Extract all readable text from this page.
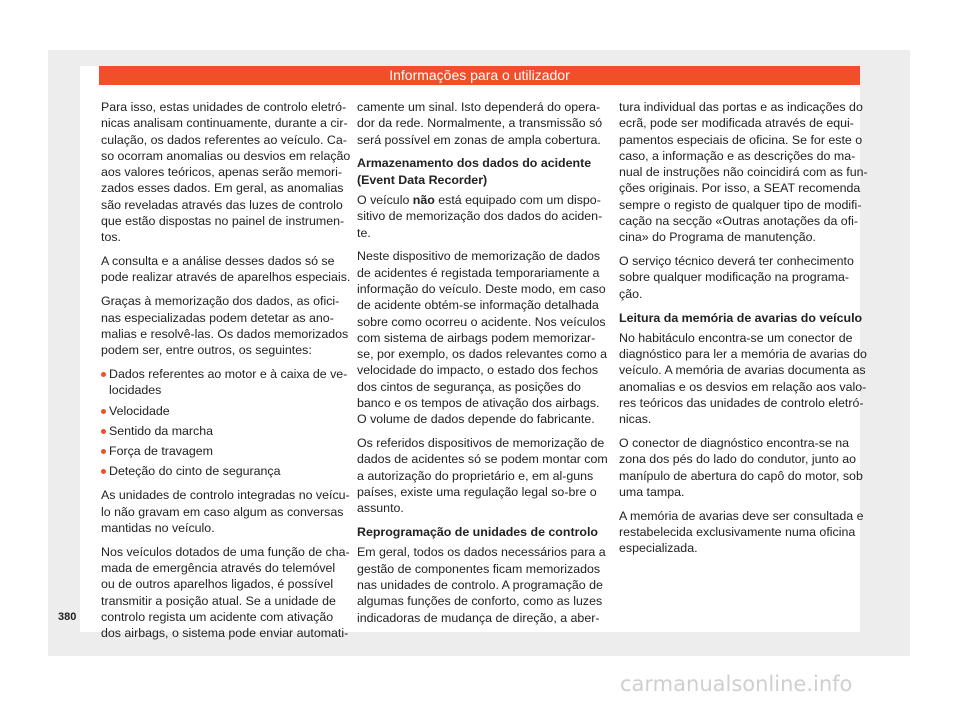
Informações para o utilizador

Para isso, estas unidades de controlo eletró-nicas analisam continuamente, durante a cir-culação, os dados referentes ao veículo. Ca-so ocorram anomalias ou desvios em relação aos valores teóricos, apenas serão memori-zados esses dados. Em geral, as anomalias são reveladas através das luzes de controlo que estão dispostas no painel de instrumen-tos.

A consulta e a análise desses dados só se pode realizar através de aparelhos especiais.

Graças à memorização dos dados, as ofici-nas especializadas podem detetar as ano-malias e resolvê-las. Os dados memorizados podem ser, entre outros, os seguintes:

Dados referentes ao motor e à caixa de ve-locidades
Velocidade
Sentido da marcha
Força de travagem
Deteção do cinto de segurança

As unidades de controlo integradas no veícu-lo não gravam em caso algum as conversas mantidas no veículo.

Nos veículos dotados de uma função de cha-mada de emergência através do telemóvel ou de outros aparelhos ligados, é possível transmitir a posição atual. Se a unidade de controlo regista um acidente com ativação dos airbags, o sistema pode enviar automati-

camente um sinal. Isto dependerá do opera-dor da rede. Normalmente, a transmissão só será possível em zonas de ampla cobertura.

Armazenamento dos dados do acidente (Event Data Recorder)

O veículo não está equipado com um dispo-sitivo de memorização dos dados do aciden-te.

Neste dispositivo de memorização de dados de acidentes é registada temporariamente a informação do veículo. Deste modo, em caso de acidente obtém-se informação detalhada sobre como ocorreu o acidente. Nos veículos com sistema de airbags podem memorizar-se, por exemplo, os dados relevantes como a velocidade do impacto, o estado dos fechos dos cintos de segurança, as posições do banco e os tempos de ativação dos airbags. O volume de dados depende do fabricante.

Os referidos dispositivos de memorização de dados de acidentes só se podem montar com a autorização do proprietário e, em al-guns países, existe uma regulação legal so-bre o assunto.

Reprogramação de unidades de controlo

Em geral, todos os dados necessários para a gestão de componentes ficam memorizados nas unidades de controlo. A programação de algumas funções de conforto, como as luzes indicadoras de mudança de direção, a aber-

tura individual das portas e as indicações do ecrã, pode ser modificada através de equi-pamentos especiais de oficina. Se for este o caso, a informação e as descrições do ma-nual de instruções não coincidirá com as fun-ções originais. Por isso, a SEAT recomenda sempre o registo de qualquer tipo de modifi-cação na secção «Outras anotações da ofi-cina» do Programa de manutenção.

O serviço técnico deverá ter conhecimento sobre qualquer modificação na programa-ção.

Leitura da memória de avarias do veículo

No habitáculo encontra-se um conector de diagnóstico para ler a memória de avarias do veículo. A memória de avarias documenta as anomalias e os desvios em relação aos valo-res teóricos das unidades de controlo eletró-nicas.

O conector de diagnóstico encontra-se na zona dos pés do lado do condutor, junto ao manípulo de abertura do capô do motor, sob uma tampa.

A memória de avarias deve ser consultada e restabelecida exclusivamente numa oficina especializada.

380
carmanualsonline.info
